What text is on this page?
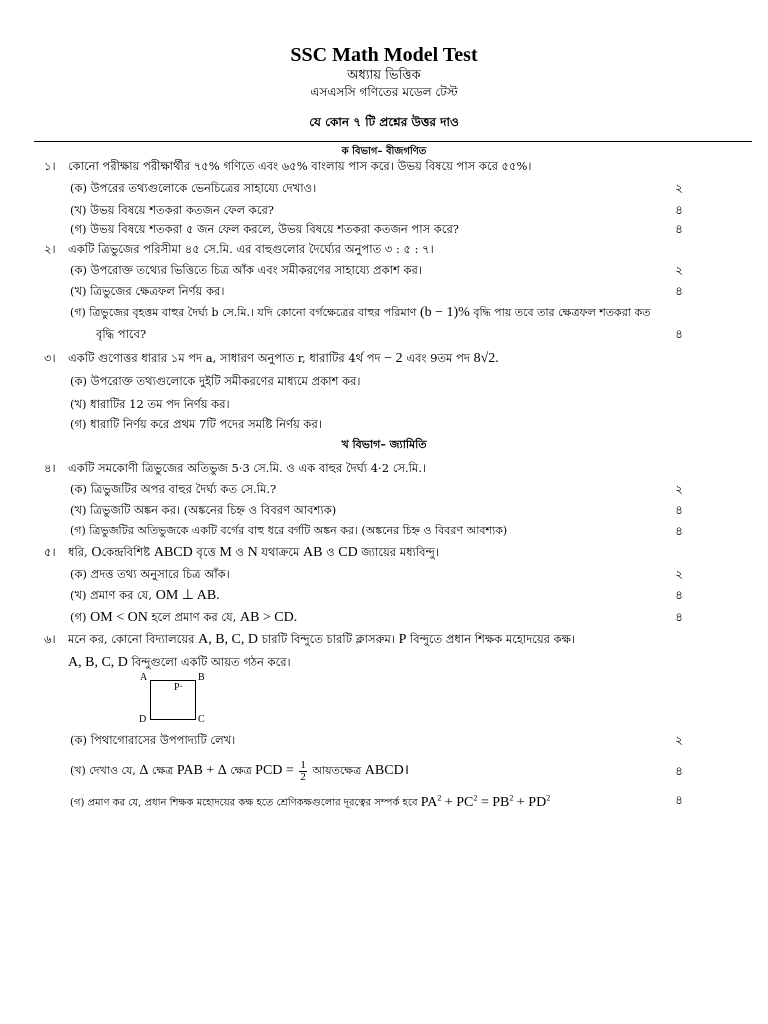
SSC Math Model Test
অধ্যায় ভিত্তিক
এসএসসি গণিতের মডেল টেস্ট
যে কোন ৭ টি প্রশ্নের উত্তর দাও
ক বিভাগ– বীজগণিত
১। কোনো পরীক্ষায় পরীক্ষার্থীর ৭৫% গণিতে এবং ৬৫% বাংলায় পাস করে। উভয় বিষয়ে পাস করে ৫৫%।
(ক) উপরের তথ্যগুলোকে ভেনচিত্রের সাহায্যে দেখাও।	২
(খ) উভয় বিষয়ে শতকরা কতজন ফেল করে?	৪
(গ) উভয় বিষয়ে শতকরা ৫ জন ফেল করলে, উভয় বিষয়ে শতকরা কতজন পাস করে?	৪
২। একটি ত্রিভুজের পরিসীমা ৪৫ সে.মি. এর বাহুগুলোর দৈর্ঘ্যের অনুপাত ৩ : ৫ : ৭।
(ক) উপরোক্ত তথ্যের ভিত্তিতে চিত্র আঁক এবং সমীকরণের সাহায্যে প্রকাশ কর।	২
(খ) ত্রিভুজের ক্ষেত্রফল নির্ণয় কর।	৪
(গ) ত্রিভুজের বৃহত্তম বাহুর দৈর্ঘ্য b সে.মি.। যদি কোনো বর্গক্ষেত্রের বাহুর পরিমাণ (b − 1)% বৃদ্ধি পায় তবে তার ক্ষেত্রফল শতকরা কত
বৃদ্ধি পাবে?	৪
৩। একটি গুণোত্তর ধারার ১ম পদ a, সাধারণ অনুপাত r, ধারাটির 4র্থ পদ − 2 এবং 9তম পদ 8√2.
(ক) উপরোক্ত তথ্যগুলোকে দুইটি সমীকরণের মাধ্যমে প্রকাশ কর।
(খ) ধারাটির 12 তম পদ নির্ণয় কর।
(গ) ধারাটি নির্ণয় করে প্রথম 7টি পদের সমষ্টি নির্ণয় কর।
খ বিভাগ– জ্যামিতি
৪। একটি সমকোণী ত্রিভুজের অতিভুজ 5·3 সে.মি. ও এক বাহুর দৈর্ঘ্য 4·2 সে.মি.।
(ক) ত্রিভুজটির অপর বাহুর দৈর্ঘ্য কত সে.মি.?	২
(খ) ত্রিভুজটি অঙ্কন কর। (অঙ্কনের চিহ্ন ও বিবরণ আবশ্যক)	৪
(গ) ত্রিভুজটির অতিভুজকে একটি বর্গের বাহু ধরে বর্গটি অঙ্কন কর। (অঙ্কনের চিহ্ন ও বিবরণ আবশ্যক)	৪
৫। ধরি, Oকেন্দ্রবিশিষ্ট ABCD বৃত্তে M ও N যথাক্রমে AB ও CD জ্যায়ের মধ্যবিন্দু।
(ক) প্রদত্ত তথ্য অনুসারে চিত্র আঁক।	২
(খ) প্রমাণ কর যে, OM ⊥ AB.	৪
(গ) OM < ON হলে প্রমাণ কর যে, AB > CD.	৪
৬। মনে কর, কোনো বিদ্যালয়ের A, B, C, D চারটি বিন্দুতে চারটি ক্লাসরুম। P বিন্দুতে প্রধান শিক্ষক মহোদয়ের কক্ষ।
A, B, C, D বিন্দুগুলো একটি আয়ত গঠন করে।
A	B
C
D
P·
(ক) পিথাগোরাসের উপপাদ্যটি লেখ।	২
(খ) দেখাও যে, Δ ক্ষেত্র PAB + Δ ক্ষেত্র PCD = $\frac{1}{2}$ আয়তক্ষেত্র ABCD।	৪
(গ) প্রমাণ কর যে, প্রধান শিক্ষক মহোদয়ের কক্ষ হতে শ্রেণিকক্ষগুলোর দূরত্বের সম্পর্ক হবে $PA^2 + PC^2 = PB^2 + PD^2$	৪
